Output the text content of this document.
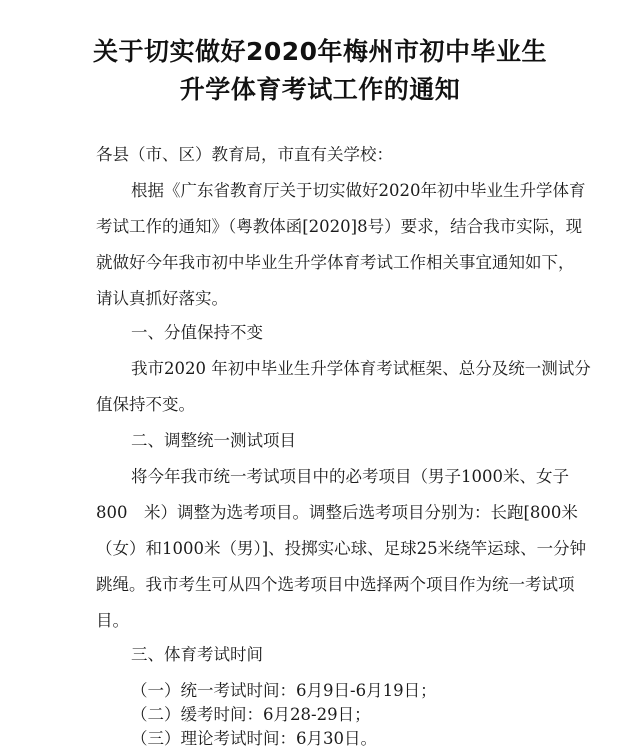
关于切实做好2020年梅州市初中毕业生
升学体育考试工作的通知
各县（市、区）教育局，市直有关学校：
根据《广东省教育厅关于切实做好2020年初中毕业生升学体育
考试工作的通知》（粤教体函[2020]8号）要求，结合我市实际，现
就做好今年我市初中毕业生升学体育考试工作相关事宜通知如下，
请认真抓好落实。
一、分值保持不变
我市2020 年初中毕业生升学体育考试框架、总分及统一测试分
值保持不变。
二、调整统一测试项目
将今年我市统一考试项目中的必考项目（男子1000米、女子
800　米）调整为选考项目。调整后选考项目分别为：长跑[800米
（女）和1000米（男）]、投掷实心球、足球25米绕竿运球、一分钟
跳绳。我市考生可从四个选考项目中选择两个项目作为统一考试项
目。
三、体育考试时间
（一）统一考试时间：6月9日-6月19日；
（二）缓考时间：6月28-29日；
（三）理论考试时间：6月30日。
